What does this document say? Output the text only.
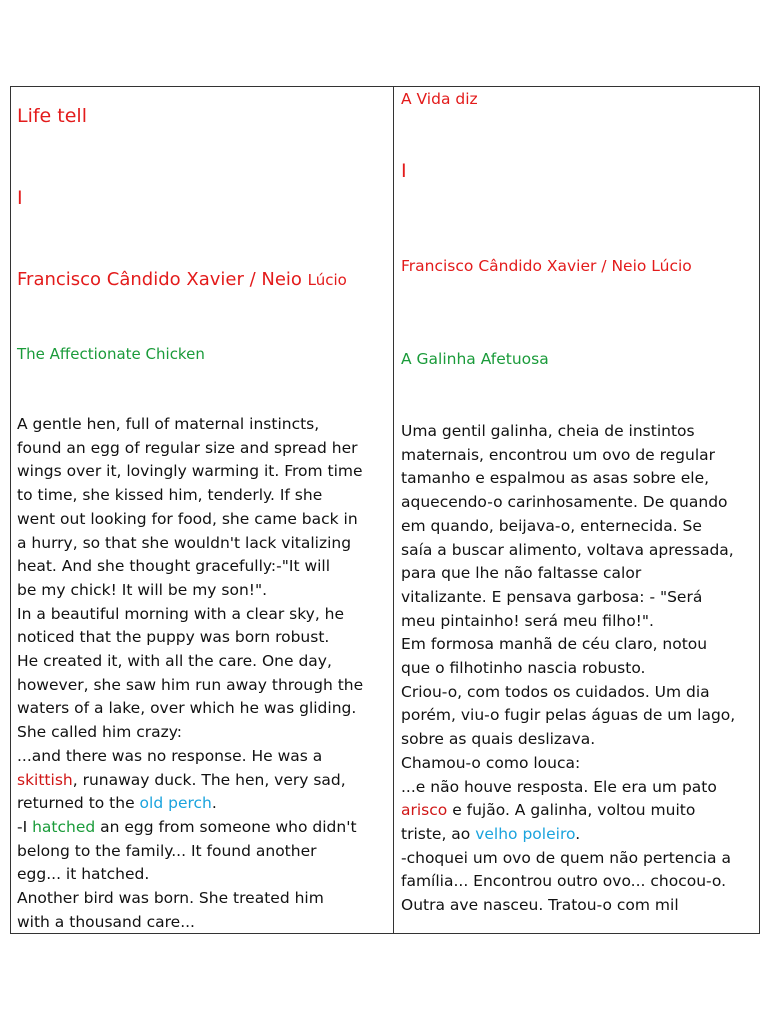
Life tell
I
Francisco Cândido Xavier / Neio Lúcio
The Affectionate Chicken
A gentle hen, full of maternal instincts,
found an egg of regular size and spread her
wings over it, lovingly warming it. From time
to time, she kissed him, tenderly. If she
went out looking for food, she came back in
a hurry, so that she wouldn't lack vitalizing
heat. And she thought gracefully:-"It will
be my chick! It will be my son!".
In a beautiful morning with a clear sky, he
noticed that the puppy was born robust.
He created it, with all the care. One day,
however, she saw him run away through the
waters of a lake, over which he was gliding.
She called him crazy:
...and there was no response. He was a
skittish, runaway duck. The hen, very sad,
returned to the old perch.
-I hatched an egg from someone who didn't
belong to the family... It found another
egg... it hatched.
Another bird was born. She treated him
with a thousand care...
A Vida diz
I
Francisco Cândido Xavier / Neio Lúcio
A Galinha Afetuosa
Uma gentil galinha, cheia de instintos
maternais, encontrou um ovo de regular
tamanho e espalmou as asas sobre ele,
aquecendo-o carinhosamente. De quando
em quando, beijava-o, enternecida. Se
saía a buscar alimento, voltava apressada,
para que lhe não faltasse calor
vitalizante. E pensava garbosa: - "Será
meu pintainho! será meu filho!".
Em formosa manhã de céu claro, notou
que o filhotinho nascia robusto.
Criou-o, com todos os cuidados. Um dia
porém, viu-o fugir pelas águas de um lago,
sobre as quais deslizava.
Chamou-o como louca:
...e não houve resposta. Ele era um pato
arisco e fujão. A galinha, voltou muito
triste, ao velho poleiro.
-choquei um ovo de quem não pertencia a
família... Encontrou outro ovo... chocou-o.
Outra ave nasceu. Tratou-o com mil
